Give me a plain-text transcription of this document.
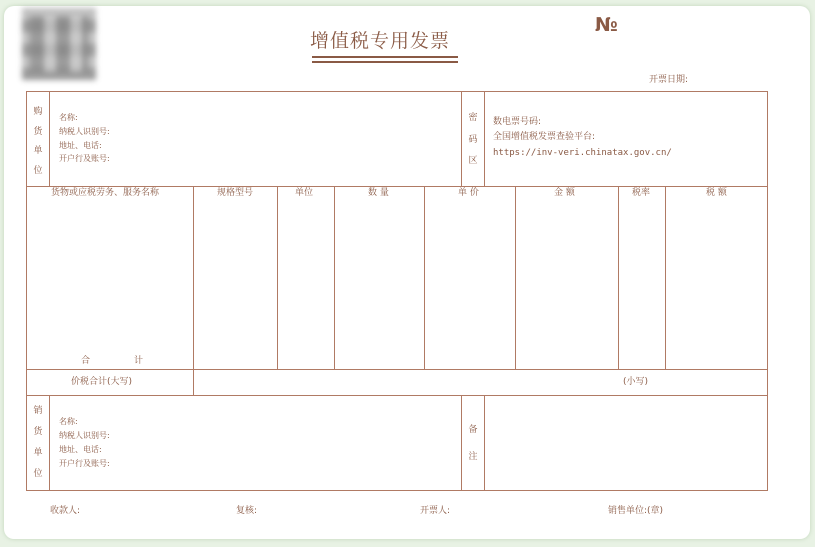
增值税专用发票
№
开票日期:
购
货
单
位
名称:
纳税人识别号:
地址、电话:
开户行及账号:
密
码
区
数电票号码:
全国增值税发票查验平台:
https://inv-veri.chinatax.gov.cn/
货物或应税劳务、服务名称	规格型号	单位	数 量	单 价	金 额	税率	税 额
合	计
价税合计(大写)	(小写)
销
货
单
位
名称:
纳税人识别号:
地址、电话:
开户行及账号:
备
注
收款人:	复核:	开票人:	销售单位:(章)
